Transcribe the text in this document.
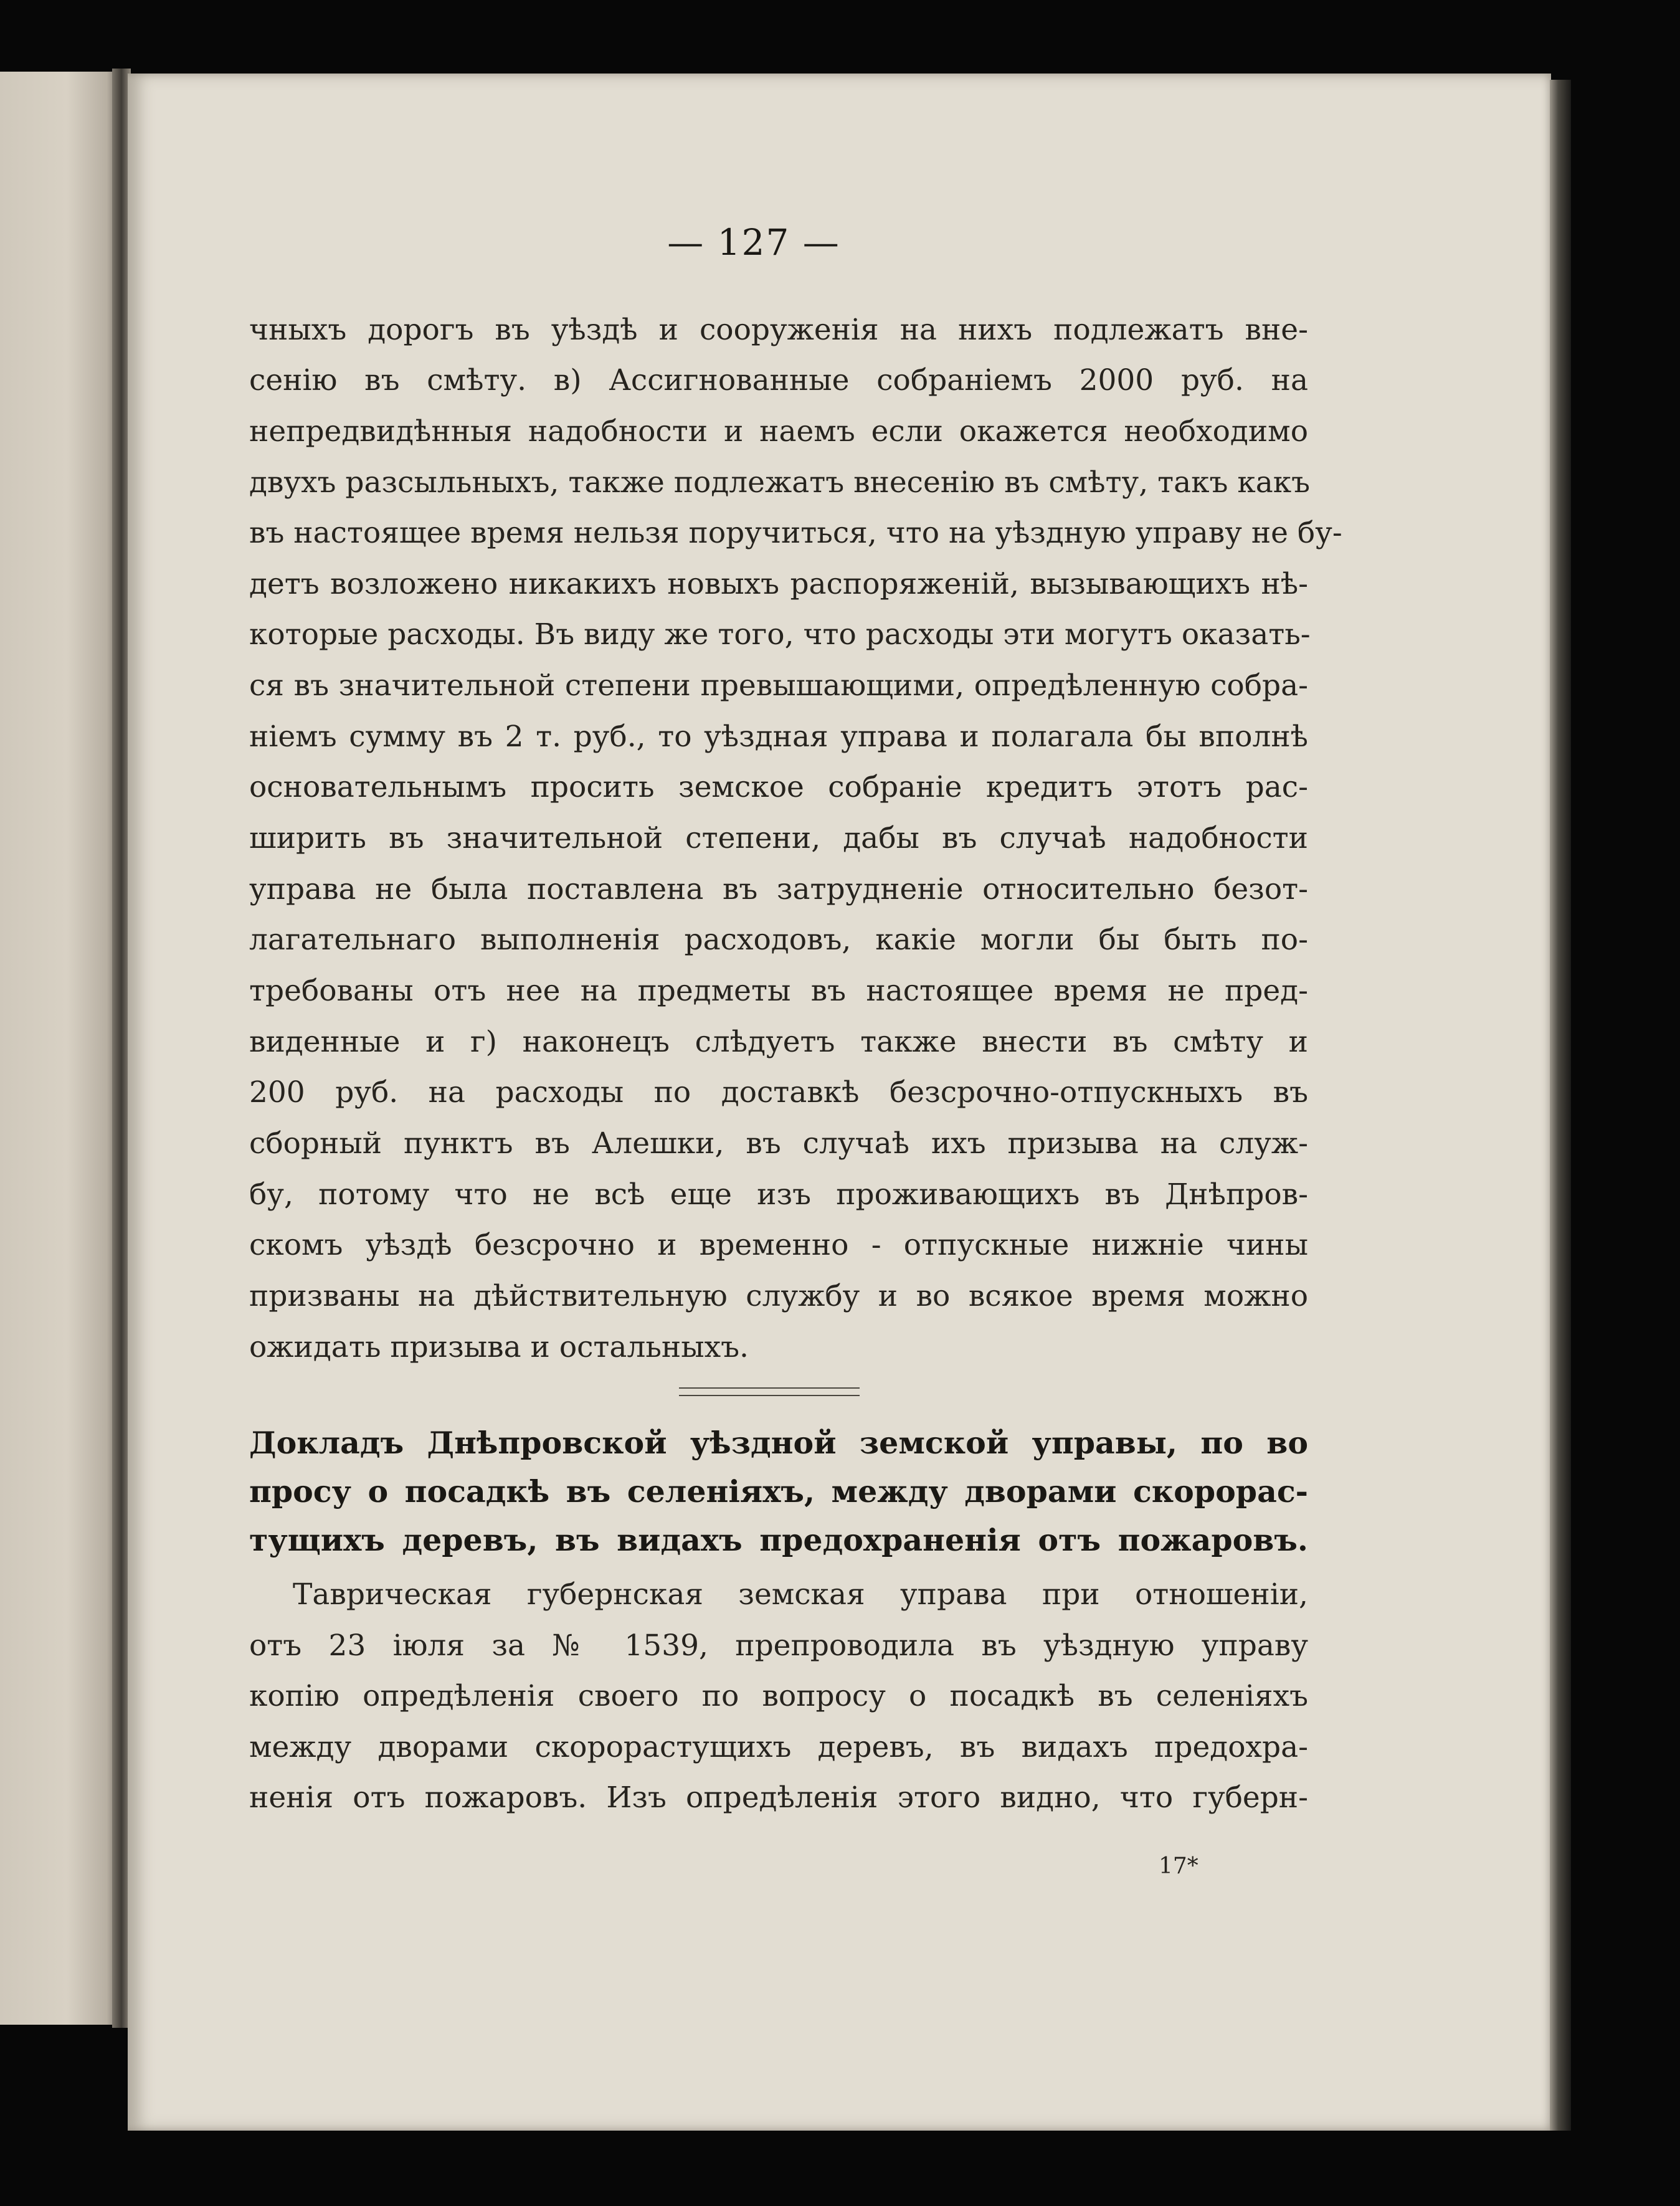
— 127 —
чныхъ дорогъ въ уѣздѣ и сооруженія на нихъ подлежатъ вне-
сенію въ смѣту. в) Ассигнованные собраніемъ 2000 руб. на
непредвидѣнныя надобности и наемъ если окажется необходимо
двухъ разсыльныхъ, также подлежатъ внесенію въ смѣту, такъ какъ
въ настоящее время нельзя поручиться, что на уѣздную управу не бу-
детъ возложено никакихъ новыхъ распоряженій, вызывающихъ нѣ-
которые расходы. Въ виду же того, что расходы эти могутъ оказать-
ся въ значительной степени превышающими, опредѣленную собра-
ніемъ сумму въ 2 т. руб., то уѣздная управа и полагала бы вполнѣ
основательнымъ просить земское собраніе кредитъ этотъ рас-
ширить въ значительной степени, дабы въ случаѣ надобности
управа не была поставлена въ затрудненіе относительно безот-
лагательнаго выполненія расходовъ, какіе могли бы быть по-
требованы отъ нее на предметы въ настоящее время не пред-
виденные и г) наконецъ слѣдуетъ также внести въ смѣту и
200 руб. на расходы по доставкѣ безсрочно-отпускныхъ въ
сборный пунктъ въ Алешки, въ случаѣ ихъ призыва на служ-
бу, потому что не всѣ еще изъ проживающихъ въ Днѣпров-
скомъ уѣздѣ безсрочно и временно - отпускные нижніе чины
призваны на дѣйствительную службу и во всякое время можно
ожидать призыва и остальныхъ.
Докладъ Днѣпровской уѣздной земской управы, по во
просу о посадкѣ въ селеніяхъ, между дворами скорорас-
тущихъ деревъ, въ видахъ предохраненія отъ пожаровъ.
Таврическая губернская земская управа при отношеніи,
отъ 23 іюля за № 1539, препроводила въ уѣздную управу
копію опредѣленія своего по вопросу о посадкѣ въ селеніяхъ
между дворами скорорастущихъ деревъ, въ видахъ предохра-
ненія отъ пожаровъ. Изъ опредѣленія этого видно, что губерн-
17*
